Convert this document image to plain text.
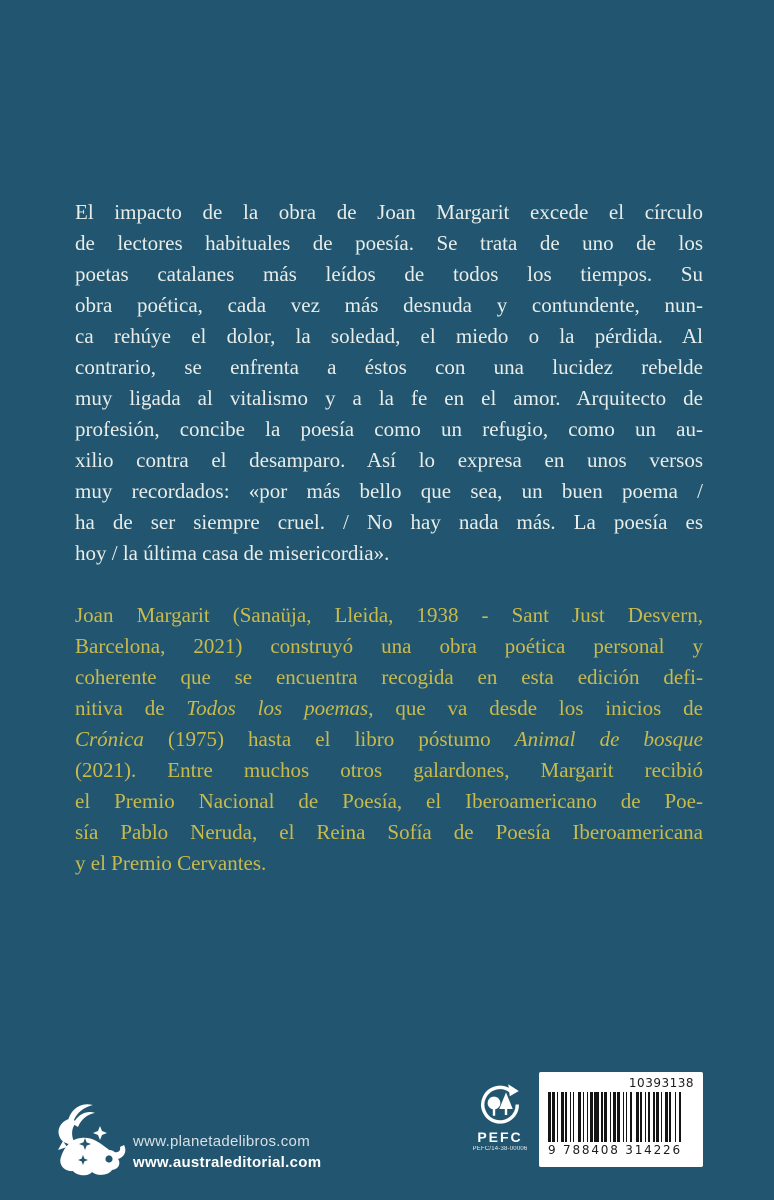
El impacto de la obra de Joan Margarit excede el círculo
de lectores habituales de poesía. Se trata de uno de los
poetas catalanes más leídos de todos los tiempos. Su
obra poética, cada vez más desnuda y contundente, nun-
ca rehúye el dolor, la soledad, el miedo o la pérdida. Al
contrario, se enfrenta a éstos con una lucidez rebelde
muy ligada al vitalismo y a la fe en el amor. Arquitecto de
profesión, concibe la poesía como un refugio, como un au-
xilio contra el desamparo. Así lo expresa en unos versos
muy recordados: «por más bello que sea, un buen poema /
ha de ser siempre cruel. / No hay nada más. La poesía es
hoy / la última casa de misericordia».
Joan Margarit (Sanaüja, Lleida, 1938 - Sant Just Desvern,
Barcelona, 2021) construyó una obra poética personal y
coherente que se encuentra recogida en esta edición defi-
nitiva de Todos los poemas, que va desde los inicios de
Crónica (1975) hasta el libro póstumo Animal de bosque
(2021). Entre muchos otros galardones, Margarit recibió
el Premio Nacional de Poesía, el Iberoamericano de Poe-
sía Pablo Neruda, el Reina Sofía de Poesía Iberoamericana
y el Premio Cervantes.
www.planetadelibros.com
www.australeditorial.com
PEFC
PEFC/14-38-00006
10393138
9 788408 314226
